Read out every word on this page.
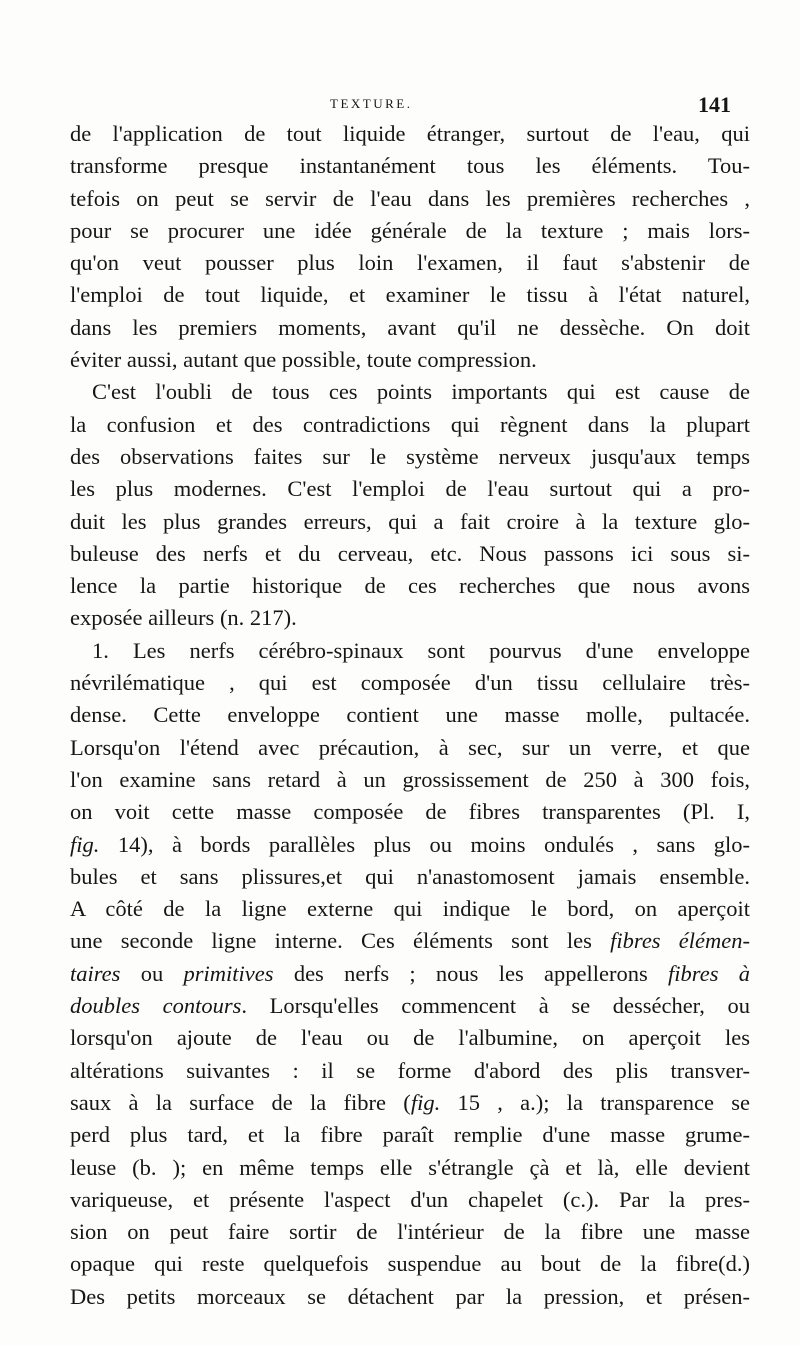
TEXTURE.	141
de l'application de tout liquide étranger, surtout de l'eau, qui
transforme presque instantanément tous les éléments. Tou-
tefois on peut se servir de l'eau dans les premières recherches ,
pour se procurer une idée générale de la texture ; mais lors-
qu'on veut pousser plus loin l'examen, il faut s'abstenir de
l'emploi de tout liquide, et examiner le tissu à l'état naturel,
dans les premiers moments, avant qu'il ne dessèche. On doit
éviter aussi, autant que possible, toute compression.
C'est l'oubli de tous ces points importants qui est cause de
la confusion et des contradictions qui règnent dans la plupart
des observations faites sur le système nerveux jusqu'aux temps
les plus modernes. C'est l'emploi de l'eau surtout qui a pro-
duit les plus grandes erreurs, qui a fait croire à la texture glo-
buleuse des nerfs et du cerveau, etc. Nous passons ici sous si-
lence la partie historique de ces recherches que nous avons
exposée ailleurs (n. 217).
1. Les nerfs cérébro-spinaux sont pourvus d'une enveloppe
névrilématique , qui est composée d'un tissu cellulaire très-
dense. Cette enveloppe contient une masse molle, pultacée.
Lorsqu'on l'étend avec précaution, à sec, sur un verre, et que
l'on examine sans retard à un grossissement de 250 à 300 fois,
on voit cette masse composée de fibres transparentes (Pl. I,
fig. 14), à bords parallèles plus ou moins ondulés , sans glo-
bules et sans plissures,et qui n'anastomosent jamais ensemble.
A côté de la ligne externe qui indique le bord, on aperçoit
une seconde ligne interne. Ces éléments sont les fibres élémen-
taires ou primitives des nerfs ; nous les appellerons fibres à
doubles contours. Lorsqu'elles commencent à se dessécher, ou
lorsqu'on ajoute de l'eau ou de l'albumine, on aperçoit les
altérations suivantes : il se forme d'abord des plis transver-
saux à la surface de la fibre (fig. 15 , a.); la transparence se
perd plus tard, et la fibre paraît remplie d'une masse grume-
leuse (b. ); en même temps elle s'étrangle çà et là, elle devient
variqueuse, et présente l'aspect d'un chapelet (c.). Par la pres-
sion on peut faire sortir de l'intérieur de la fibre une masse
opaque qui reste quelquefois suspendue au bout de la fibre(d.)
Des petits morceaux se détachent par la pression, et présen-
